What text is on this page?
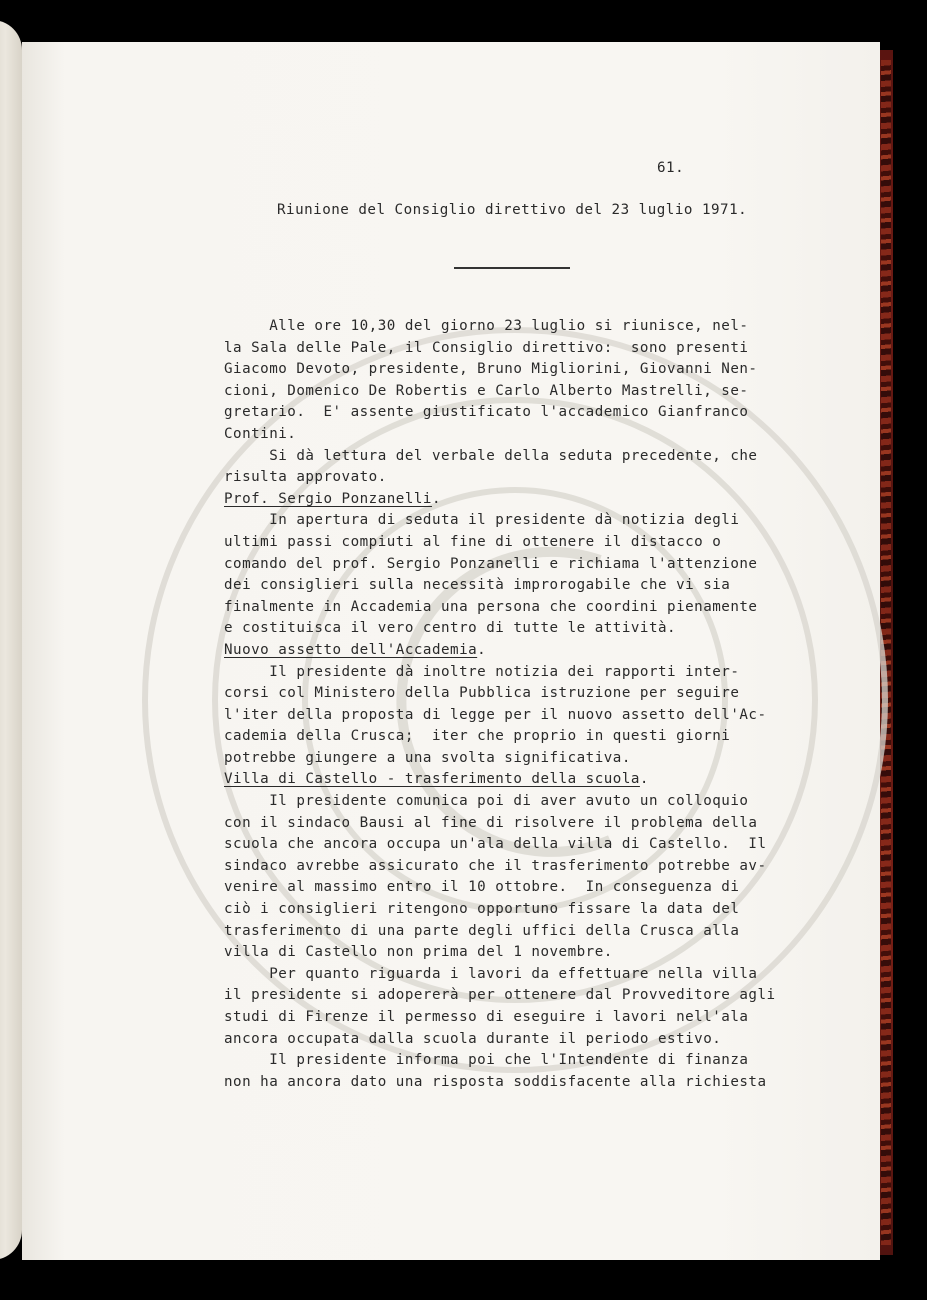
61.
Riunione del Consiglio direttivo del 23 luglio 1971.
Alle ore 10,30 del giorno 23 luglio si riunisce, nel-
la Sala delle Pale, il Consiglio direttivo:  sono presenti
Giacomo Devoto, presidente, Bruno Migliorini, Giovanni Nen-
cioni, Domenico De Robertis e Carlo Alberto Mastrelli, se-
gretario.  E' assente giustificato l'accademico Gianfranco
Contini.
Si dà lettura del verbale della seduta precedente, che
risulta approvato.
Prof. Sergio Ponzanelli.
In apertura di seduta il presidente dà notizia degli
ultimi passi compiuti al fine di ottenere il distacco o
comando del prof. Sergio Ponzanelli e richiama l'attenzione
dei consiglieri sulla necessità improrogabile che vi sia
finalmente in Accademia una persona che coordini pienamente
e costituisca il vero centro di tutte le attività.
Nuovo assetto dell'Accademia.
Il presidente dà inoltre notizia dei rapporti inter-
corsi col Ministero della Pubblica istruzione per seguire
l'iter della proposta di legge per il nuovo assetto dell'Ac-
cademia della Crusca;  iter che proprio in questi giorni
potrebbe giungere a una svolta significativa.
Villa di Castello - trasferimento della scuola.
Il presidente comunica poi di aver avuto un colloquio
con il sindaco Bausi al fine di risolvere il problema della
scuola che ancora occupa un'ala della villa di Castello.  Il
sindaco avrebbe assicurato che il trasferimento potrebbe av-
venire al massimo entro il 10 ottobre.  In conseguenza di
ciò i consiglieri ritengono opportuno fissare la data del
trasferimento di una parte degli uffici della Crusca alla
villa di Castello non prima del 1 novembre.
Per quanto riguarda i lavori da effettuare nella villa
il presidente si adopererà per ottenere dal Provveditore agli
studi di Firenze il permesso di eseguire i lavori nell'ala
ancora occupata dalla scuola durante il periodo estivo.
Il presidente informa poi che l'Intendente di finanza
non ha ancora dato una risposta soddisfacente alla richiesta
